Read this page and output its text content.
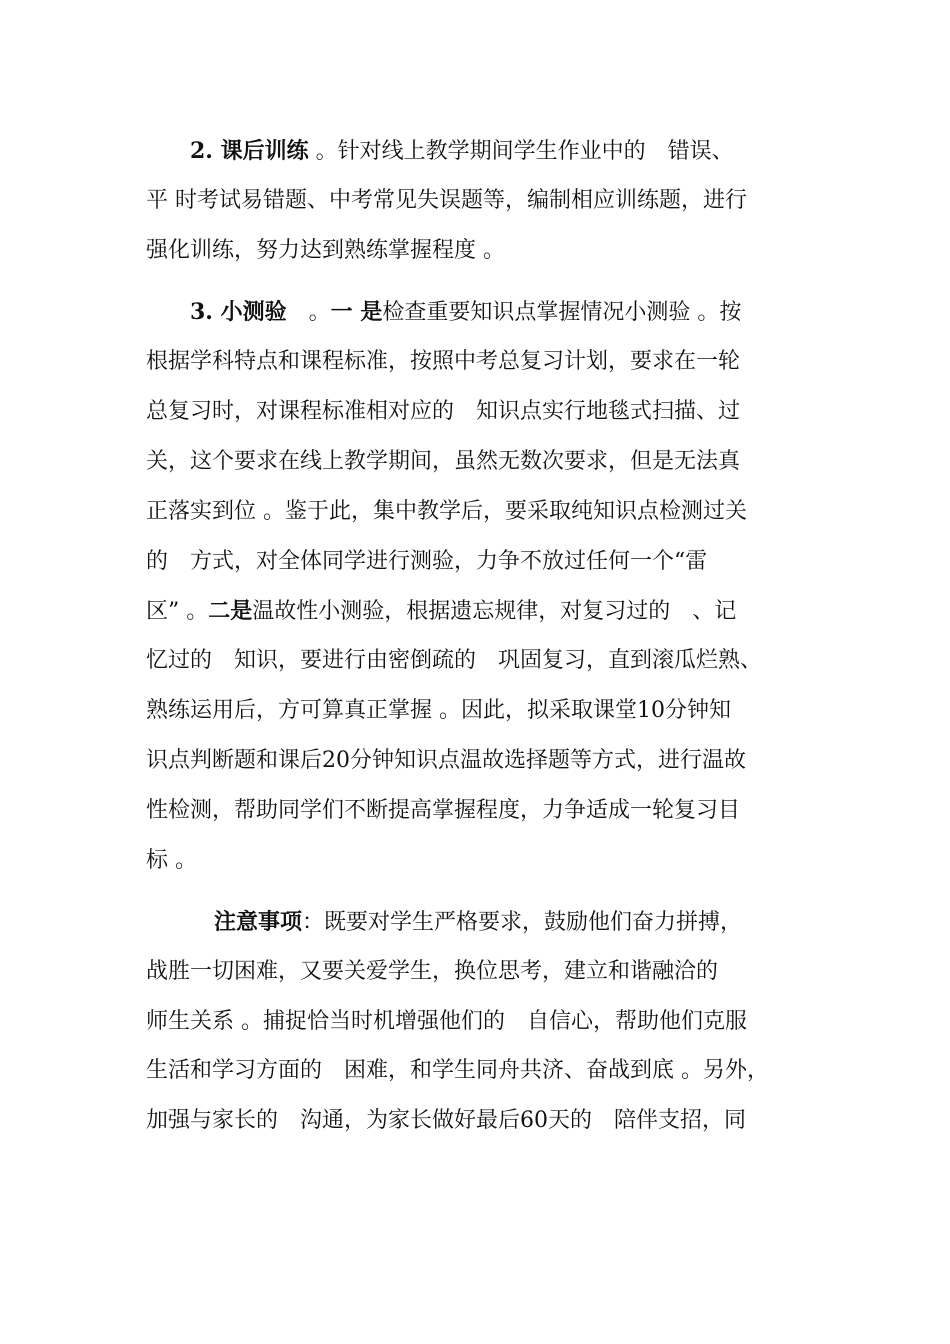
2. 课后训练 。针对线上教学期间学生作业中的　错误、
平 时考试易错题、中考常见失误题等，编制相应训练题，进行
强化训练，努力达到熟练掌握程度 。
3. 小测验　。一 是检查重要知识点掌握情况小测验 。按
根据学科特点和课程标准，按照中考总复习计划，要求在一轮
总复习时，对课程标准相对应的　知识点实行地毯式扫描、过
关，这个要求在线上教学期间，虽然无数次要求，但是无法真
正落实到位 。鉴于此，集中教学后，要采取纯知识点检测过关
的　方式，对全体同学进行测验，力争不放过任何一个“雷
区” 。二是温故性小测验，根据遗忘规律，对复习过的　、记
忆过的　知识，要进行由密倒疏的　巩固复习，直到滚瓜烂熟、
熟练运用后，方可算真正掌握 。因此，拟采取课堂10分钟知
识点判断题和课后20分钟知识点温故选择题等方式，进行温故
性检测，帮助同学们不断提高掌握程度，力争适成一轮复习目
标 。
注意事项：既要对学生严格要求，鼓励他们奋力拼搏，
战胜一切困难，又要关爱学生，换位思考，建立和谐融洽的
师生关系 。捕捉恰当时机增强他们的　自信心，帮助他们克服
生活和学习方面的　困难，和学生同舟共济、奋战到底 。另外，
加强与家长的　沟通，为家长做好最后60天的　陪伴支招，同
